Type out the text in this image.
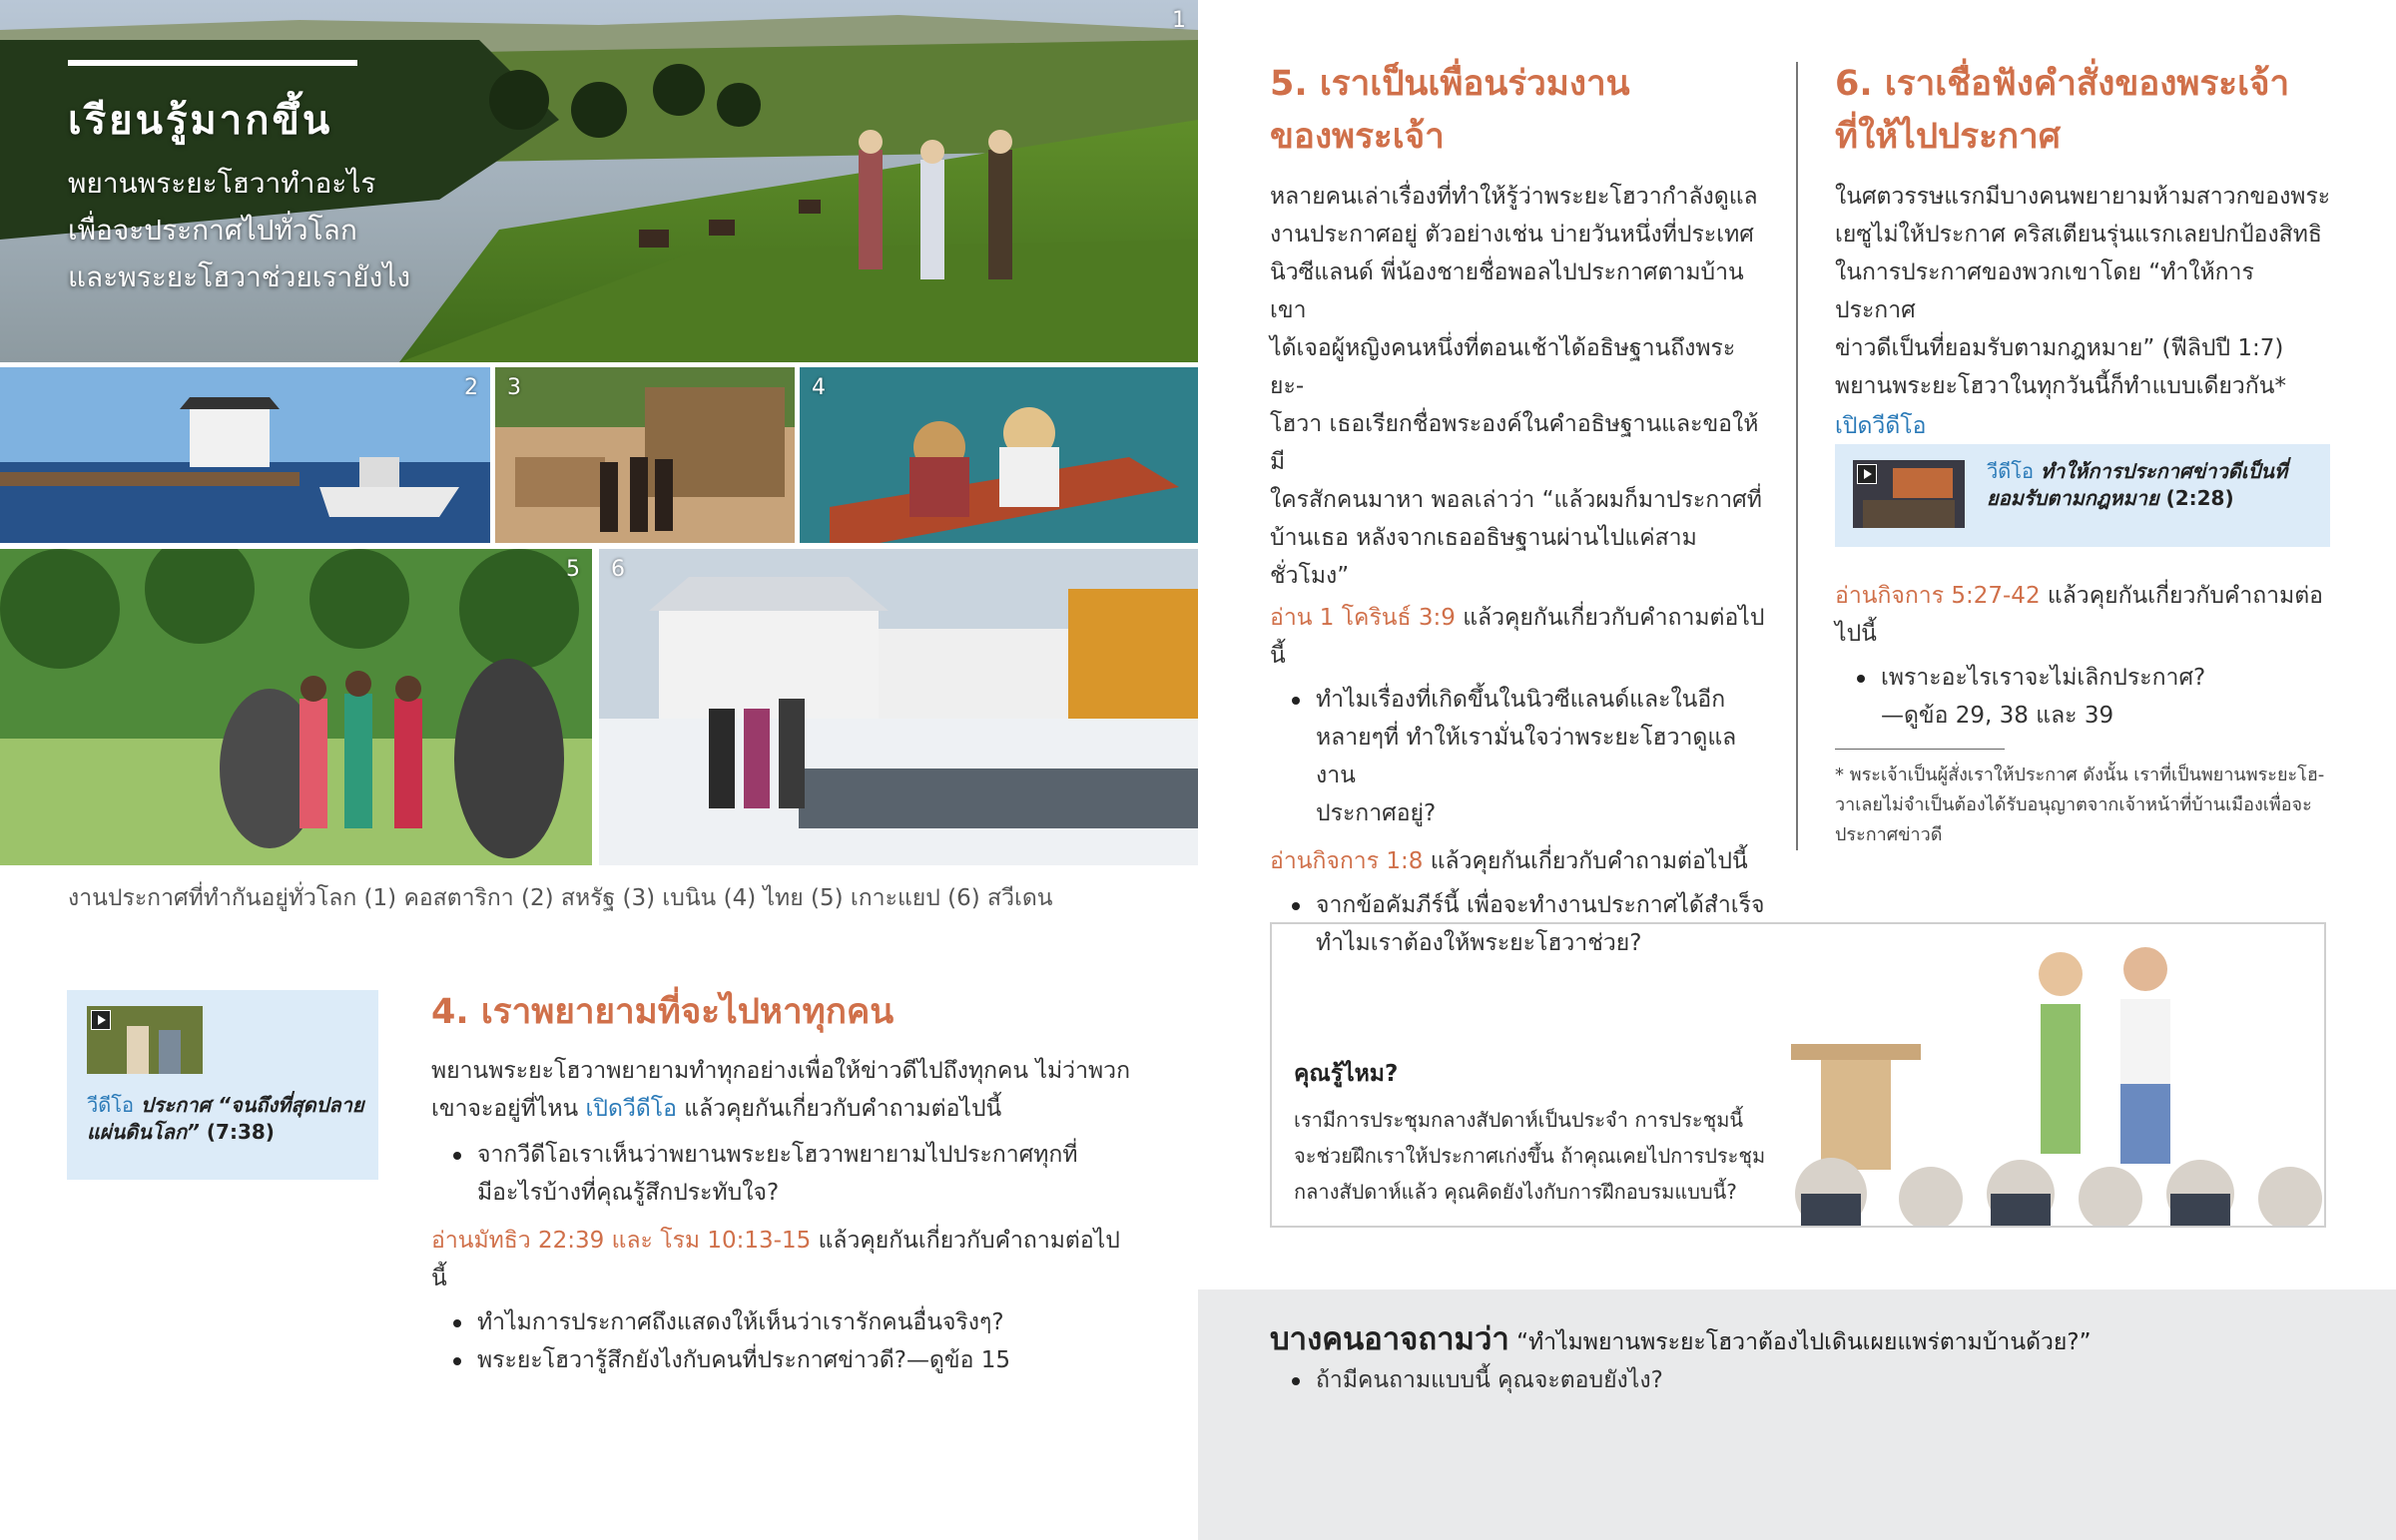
1
เรียนรู้มากขึ้น
พยานพระยะโฮวาทำอะไร
เพื่อจะประกาศไปทั่วโลก
และพระยะโฮวาช่วยเรายังไง
2 3	4
5 6
งานประกาศที่ทำกันอยู่ทั่วโลก (1) คอสตาริกา (2) สหรัฐ (3) เบนิน (4) ไทย (5) เกาะแยป (6) สวีเดน
วีดีโอ ประกาศ “จนถึงที่สุดปลายแผ่นดินโลก” (7:38)
4. เราพยายามที่จะไปหาทุกคน
พยานพระยะโฮวาพยายามทำทุกอย่างเพื่อให้ข่าวดีไปถึงทุกคน ไม่ว่าพวก
เขาจะอยู่ที่ไหน เปิดวีดีโอ แล้วคุยกันเกี่ยวกับคำถามต่อไปนี้
จากวีดีโอเราเห็นว่าพยานพระยะโฮวาพยายามไปประกาศทุกที่
มีอะไรบ้างที่คุณรู้สึกประทับใจ?
อ่านมัทธิว 22:39 และ โรม 10:13-15 แล้วคุยกันเกี่ยวกับคำถามต่อไปนี้
ทำไมการประกาศถึงแสดงให้เห็นว่าเรารักคนอื่นจริงๆ?
พระยะโฮวารู้สึกยังไงกับคนที่ประกาศข่าวดี?—ดูข้อ 15
5. เราเป็นเพื่อนร่วมงาน
ของพระเจ้า
หลายคนเล่าเรื่องที่ทำให้รู้ว่าพระยะโฮวากำลังดูแล
งานประกาศอยู่ ตัวอย่างเช่น บ่ายวันหนึ่งที่ประเทศ
นิวซีแลนด์ พี่น้องชายชื่อพอลไปประกาศตามบ้าน เขา
ได้เจอผู้หญิงคนหนึ่งที่ตอนเช้าได้อธิษฐานถึงพระยะ-
โฮวา เธอเรียกชื่อพระองค์ในคำอธิษฐานและขอให้มี
ใครสักคนมาหา พอลเล่าว่า “แล้วผมก็มาประกาศที่
บ้านเธอ หลังจากเธออธิษฐานผ่านไปแค่สามชั่วโมง”
อ่าน 1 โครินธ์ 3:9 แล้วคุยกันเกี่ยวกับคำถามต่อไปนี้
ทำไมเรื่องที่เกิดขึ้นในนิวซีแลนด์และในอีก
หลายๆที่ ทำให้เรามั่นใจว่าพระยะโฮวาดูแลงาน
ประกาศอยู่?
อ่านกิจการ 1:8 แล้วคุยกันเกี่ยวกับคำถามต่อไปนี้
จากข้อคัมภีร์นี้ เพื่อจะทำงานประกาศได้สำเร็จ
ทำไมเราต้องให้พระยะโฮวาช่วย?
6. เราเชื่อฟังคำสั่งของพระเจ้า
ที่ให้ไปประกาศ
ในศตวรรษแรกมีบางคนพยายามห้ามสาวกของพระ
เยซูไม่ให้ประกาศ คริสเตียนรุ่นแรกเลยปกป้องสิทธิ
ในการประกาศของพวกเขาโดย “ทำให้การประกาศ
ข่าวดีเป็นที่ยอมรับตามกฎหมาย” (ฟีลิปปี 1:7)
พยานพระยะโฮวาในทุกวันนี้ก็ทำแบบเดียวกัน*
เปิดวีดีโอ
วีดีโอ ทำให้การประกาศข่าวดีเป็นที่
ยอมรับตามกฎหมาย (2:28)
อ่านกิจการ 5:27-42 แล้วคุยกันเกี่ยวกับคำถามต่อ
ไปนี้
เพราะอะไรเราจะไม่เลิกประกาศ?
—ดูข้อ 29, 38 และ 39
* พระเจ้าเป็นผู้สั่งเราให้ประกาศ ดังนั้น เราที่เป็นพยานพระยะโฮ-
วาเลยไม่จำเป็นต้องได้รับอนุญาตจากเจ้าหน้าที่บ้านเมืองเพื่อจะ
ประกาศข่าวดี
คุณรู้ไหม?
เรามีการประชุมกลางสัปดาห์เป็นประจำ การประชุมนี้
จะช่วยฝึกเราให้ประกาศเก่งขึ้น ถ้าคุณเคยไปการประชุม
กลางสัปดาห์แล้ว คุณคิดยังไงกับการฝึกอบรมแบบนี้?
บางคนอาจถามว่า “ทำไมพยานพระยะโฮวาต้องไปเดินเผยแพร่ตามบ้านด้วย?”
ถ้ามีคนถามแบบนี้ คุณจะตอบยังไง?
